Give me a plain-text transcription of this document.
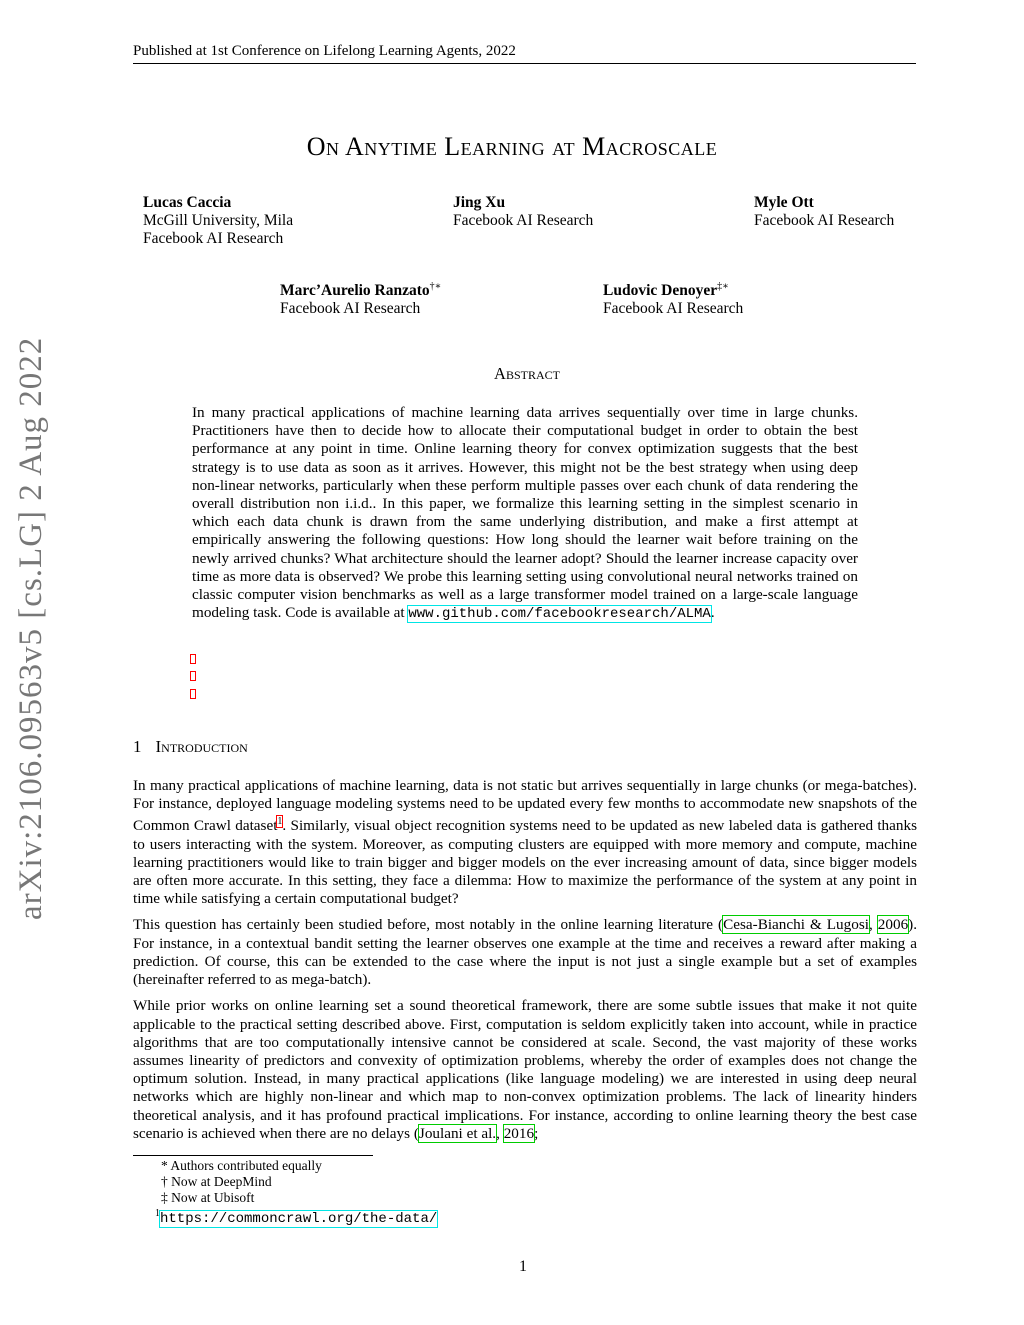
Published at 1st Conference on Lifelong Learning Agents, 2022
arXiv:2106.09563v5 [cs.LG] 2 Aug 2022
On Anytime Learning at Macroscale
Lucas Caccia
McGill University, Mila
Facebook AI Research
Jing Xu
Facebook AI Research
Myle Ott
Facebook AI Research
Marc’Aurelio Ranzato†∗
Facebook AI Research
Ludovic Denoyer‡∗
Facebook AI Research
Abstract
In many practical applications of machine learning data arrives sequentially over time in large chunks. Practitioners have then to decide how to allocate their computational budget in order to obtain the best performance at any point in time. Online learning theory for convex optimization suggests that the best strategy is to use data as soon as it arrives. However, this might not be the best strategy when using deep non-linear networks, particularly when these perform multiple passes over each chunk of data rendering the overall distribution non i.i.d.. In this paper, we formalize this learning setting in the simplest scenario in which each data chunk is drawn from the same underlying distribution, and make a first attempt at empirically answering the following questions: How long should the learner wait before training on the newly arrived chunks? What architecture should the learner adopt? Should the learner increase capacity over time as more data is observed? We probe this learning setting using convolutional neural networks trained on classic computer vision benchmarks as well as a large transformer model trained on a large-scale language modeling task. Code is available at www.github.com/facebookresearch/ALMA.
1 Introduction

In many practical applications of machine learning, data is not static but arrives sequentially in large chunks (or mega-batches). For instance, deployed language modeling systems need to be updated every few months to accommodate new snapshots of the Common Crawl dataset$^1$. Similarly, visual object recognition systems need to be updated as new labeled data is gathered thanks to users interacting with the system. Moreover, as computing clusters are equipped with more memory and compute, machine learning practitioners would like to train bigger and bigger models on the ever increasing amount of data, since bigger models are often more accurate. In this setting, they face a dilemma: How to maximize the performance of the system at any point in time while satisfying a certain computational budget?

This question has certainly been studied before, most notably in the online learning literature (Cesa-Bianchi & Lugosi, 2006). For instance, in a contextual bandit setting the learner observes one example at the time and receives a reward after making a prediction. Of course, this can be extended to the case where the input is not just a single example but a set of examples (hereinafter referred to as mega-batch).

While prior works on online learning set a sound theoretical framework, there are some subtle issues that make it not quite applicable to the practical setting described above. First, computation is seldom explicitly taken into account, while in practice algorithms that are too computationally intensive cannot be considered at scale. Second, the vast majority of these works assumes linearity of predictors and convexity of optimization problems, whereby the order of examples does not change the optimum solution. Instead, in many practical applications (like language modeling) we are interested in using deep neural networks which are highly non-linear and which map to non-convex optimization problems. The lack of linearity hinders theoretical analysis, and it has profound practical implications. For instance, according to online learning theory the best case scenario is achieved when there are no delays (Joulani et al., 2016;

* Authors contributed equally
† Now at DeepMind
‡ Now at Ubisoft
$^1$https://commoncrawl.org/the-data/
1
